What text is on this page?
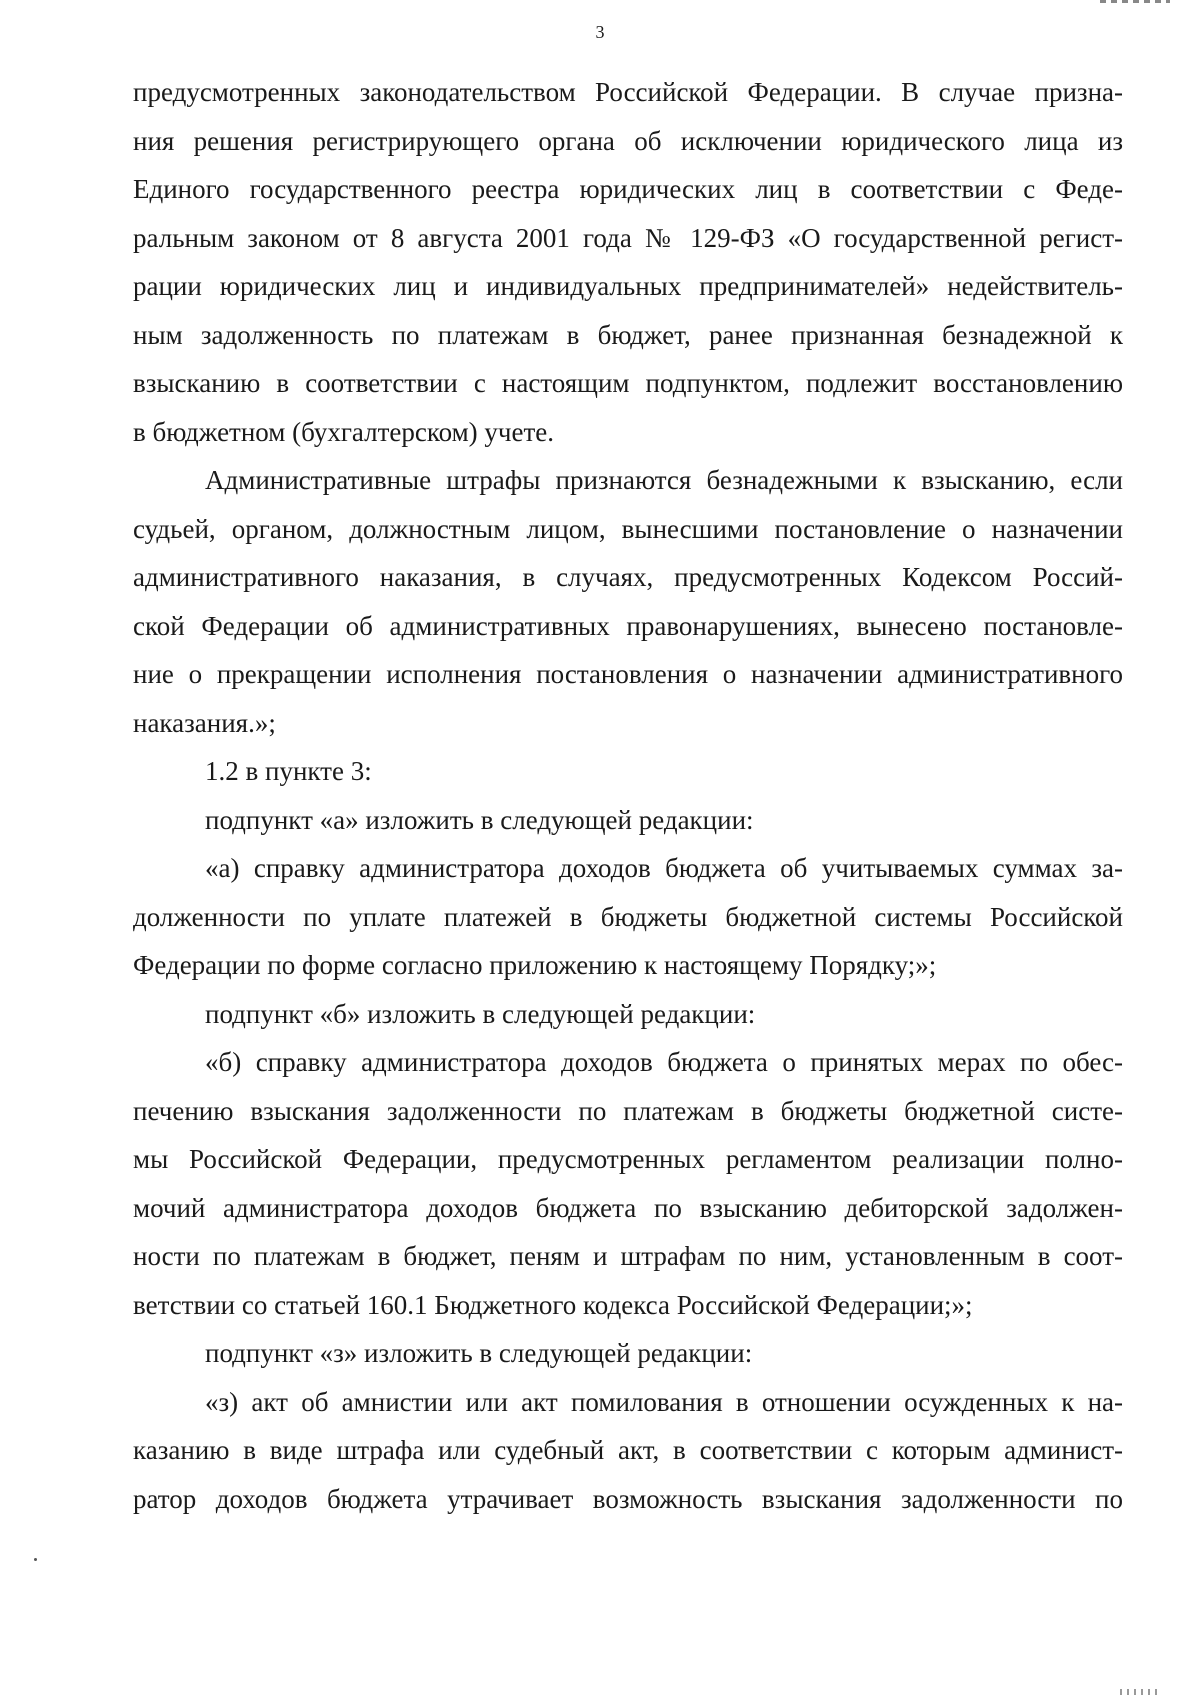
3
предусмотренных законодательством Российской Федерации. В случае призна-
ния решения регистрирующего органа об исключении юридического лица из
Единого государственного реестра юридических лиц в соответствии с Феде-
ральным законом от 8 августа 2001 года № 129-ФЗ «О государственной регист-
рации юридических лиц и индивидуальных предпринимателей» недействитель-
ным задолженность по платежам в бюджет, ранее признанная безнадежной к
взысканию в соответствии с настоящим подпунктом, подлежит восстановлению
в бюджетном (бухгалтерском) учете.
Административные штрафы признаются безнадежными к взысканию, если
судьей, органом, должностным лицом, вынесшими постановление о назначении
административного наказания, в случаях, предусмотренных Кодексом Россий-
ской Федерации об административных правонарушениях, вынесено постановле-
ние о прекращении исполнения постановления о назначении административного
наказания.»;
1.2 в пункте 3:
подпункт «а» изложить в следующей редакции:
«а) справку администратора доходов бюджета об учитываемых суммах за-
долженности по уплате платежей в бюджеты бюджетной системы Российской
Федерации по форме согласно приложению к настоящему Порядку;»;
подпункт «б» изложить в следующей редакции:
«б) справку администратора доходов бюджета о принятых мерах по обес-
печению взыскания задолженности по платежам в бюджеты бюджетной систе-
мы Российской Федерации, предусмотренных регламентом реализации полно-
мочий администратора доходов бюджета по взысканию дебиторской задолжен-
ности по платежам в бюджет, пеням и штрафам по ним, установленным в соот-
ветствии со статьей 160.1 Бюджетного кодекса Российской Федерации;»;
подпункт «з» изложить в следующей редакции:
«з) акт об амнистии или акт помилования в отношении осужденных к на-
казанию в виде штрафа или судебный акт, в соответствии с которым админист-
ратор доходов бюджета утрачивает возможность взыскания задолженности по
